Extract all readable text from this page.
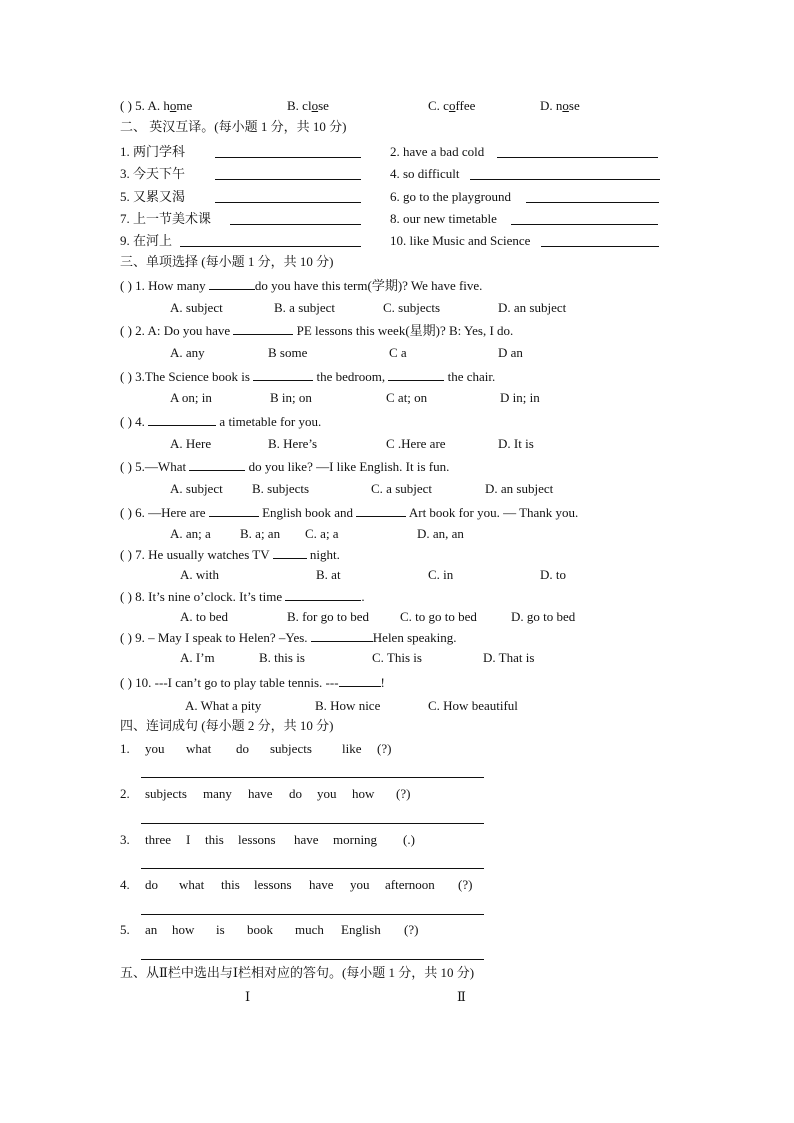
( ) 5. A. home	B. close	C. coffee	D. nose
二、 英汉互译。(每小题 1 分，共 10 分)
1. 两门学科	2. have a bad cold
3. 今天下午	4. so difficult
5. 又累又渴	6. go to the playground
7. 上一节美术课	8. our new timetable
9. 在河上	10. like Music and Science
三、单项选择 (每小题 1 分，共 10 分)
( ) 1. How many	do you have this term(学期)? We have five.
A. subject	B. a subject	C. subjects	D. an subject
( ) 2. A: Do you have	PE lessons this week(星期)? B: Yes, I do.
A. any	B some	C a	D an
( ) 3.The Science book is	the bedroom,	the chair.
A on; in	B in; on	C at; on	D in; in
( ) 4.	a timetable for you.
A. Here	B. Here’s	C .Here are	D. It is
( ) 5.—What	do you like? —I like English. It is fun.
A. subject B. subjects	C. a subject	D. an subject
( ) 6. —Here are	English book and	Art book for you. — Thank you.
A. an; a B. a; an C. a; a	D. an, an
( ) 7. He usually watches TV	night.
A. with	B. at	C. in	D. to
( ) 8. It’s nine o’clock. It’s time	.
A. to bed	B. for go to bed C. to go to bed	D. go to bed
( ) 9. – May I speak to Helen? –Yes.	Helen speaking.
A. I’m	B. this is	C. This is	D. That is
( ) 10. ---I can’t go to play table tennis. ---	!
A. What a pity	B. How nice	C. How beautiful
四、连词成句 (每小题 2 分，共 10 分)
1. you what do subjects like (?)
2. subjects many have do you how (?)
3. three I this lessons have morning (.)
4. do what this lessons have you afternoon (?)
5. an how is book much English (?)
五、从Ⅱ栏中选出与Ⅰ栏相对应的答句。(每小题 1 分，共 10 分)
Ⅰ	Ⅱ
